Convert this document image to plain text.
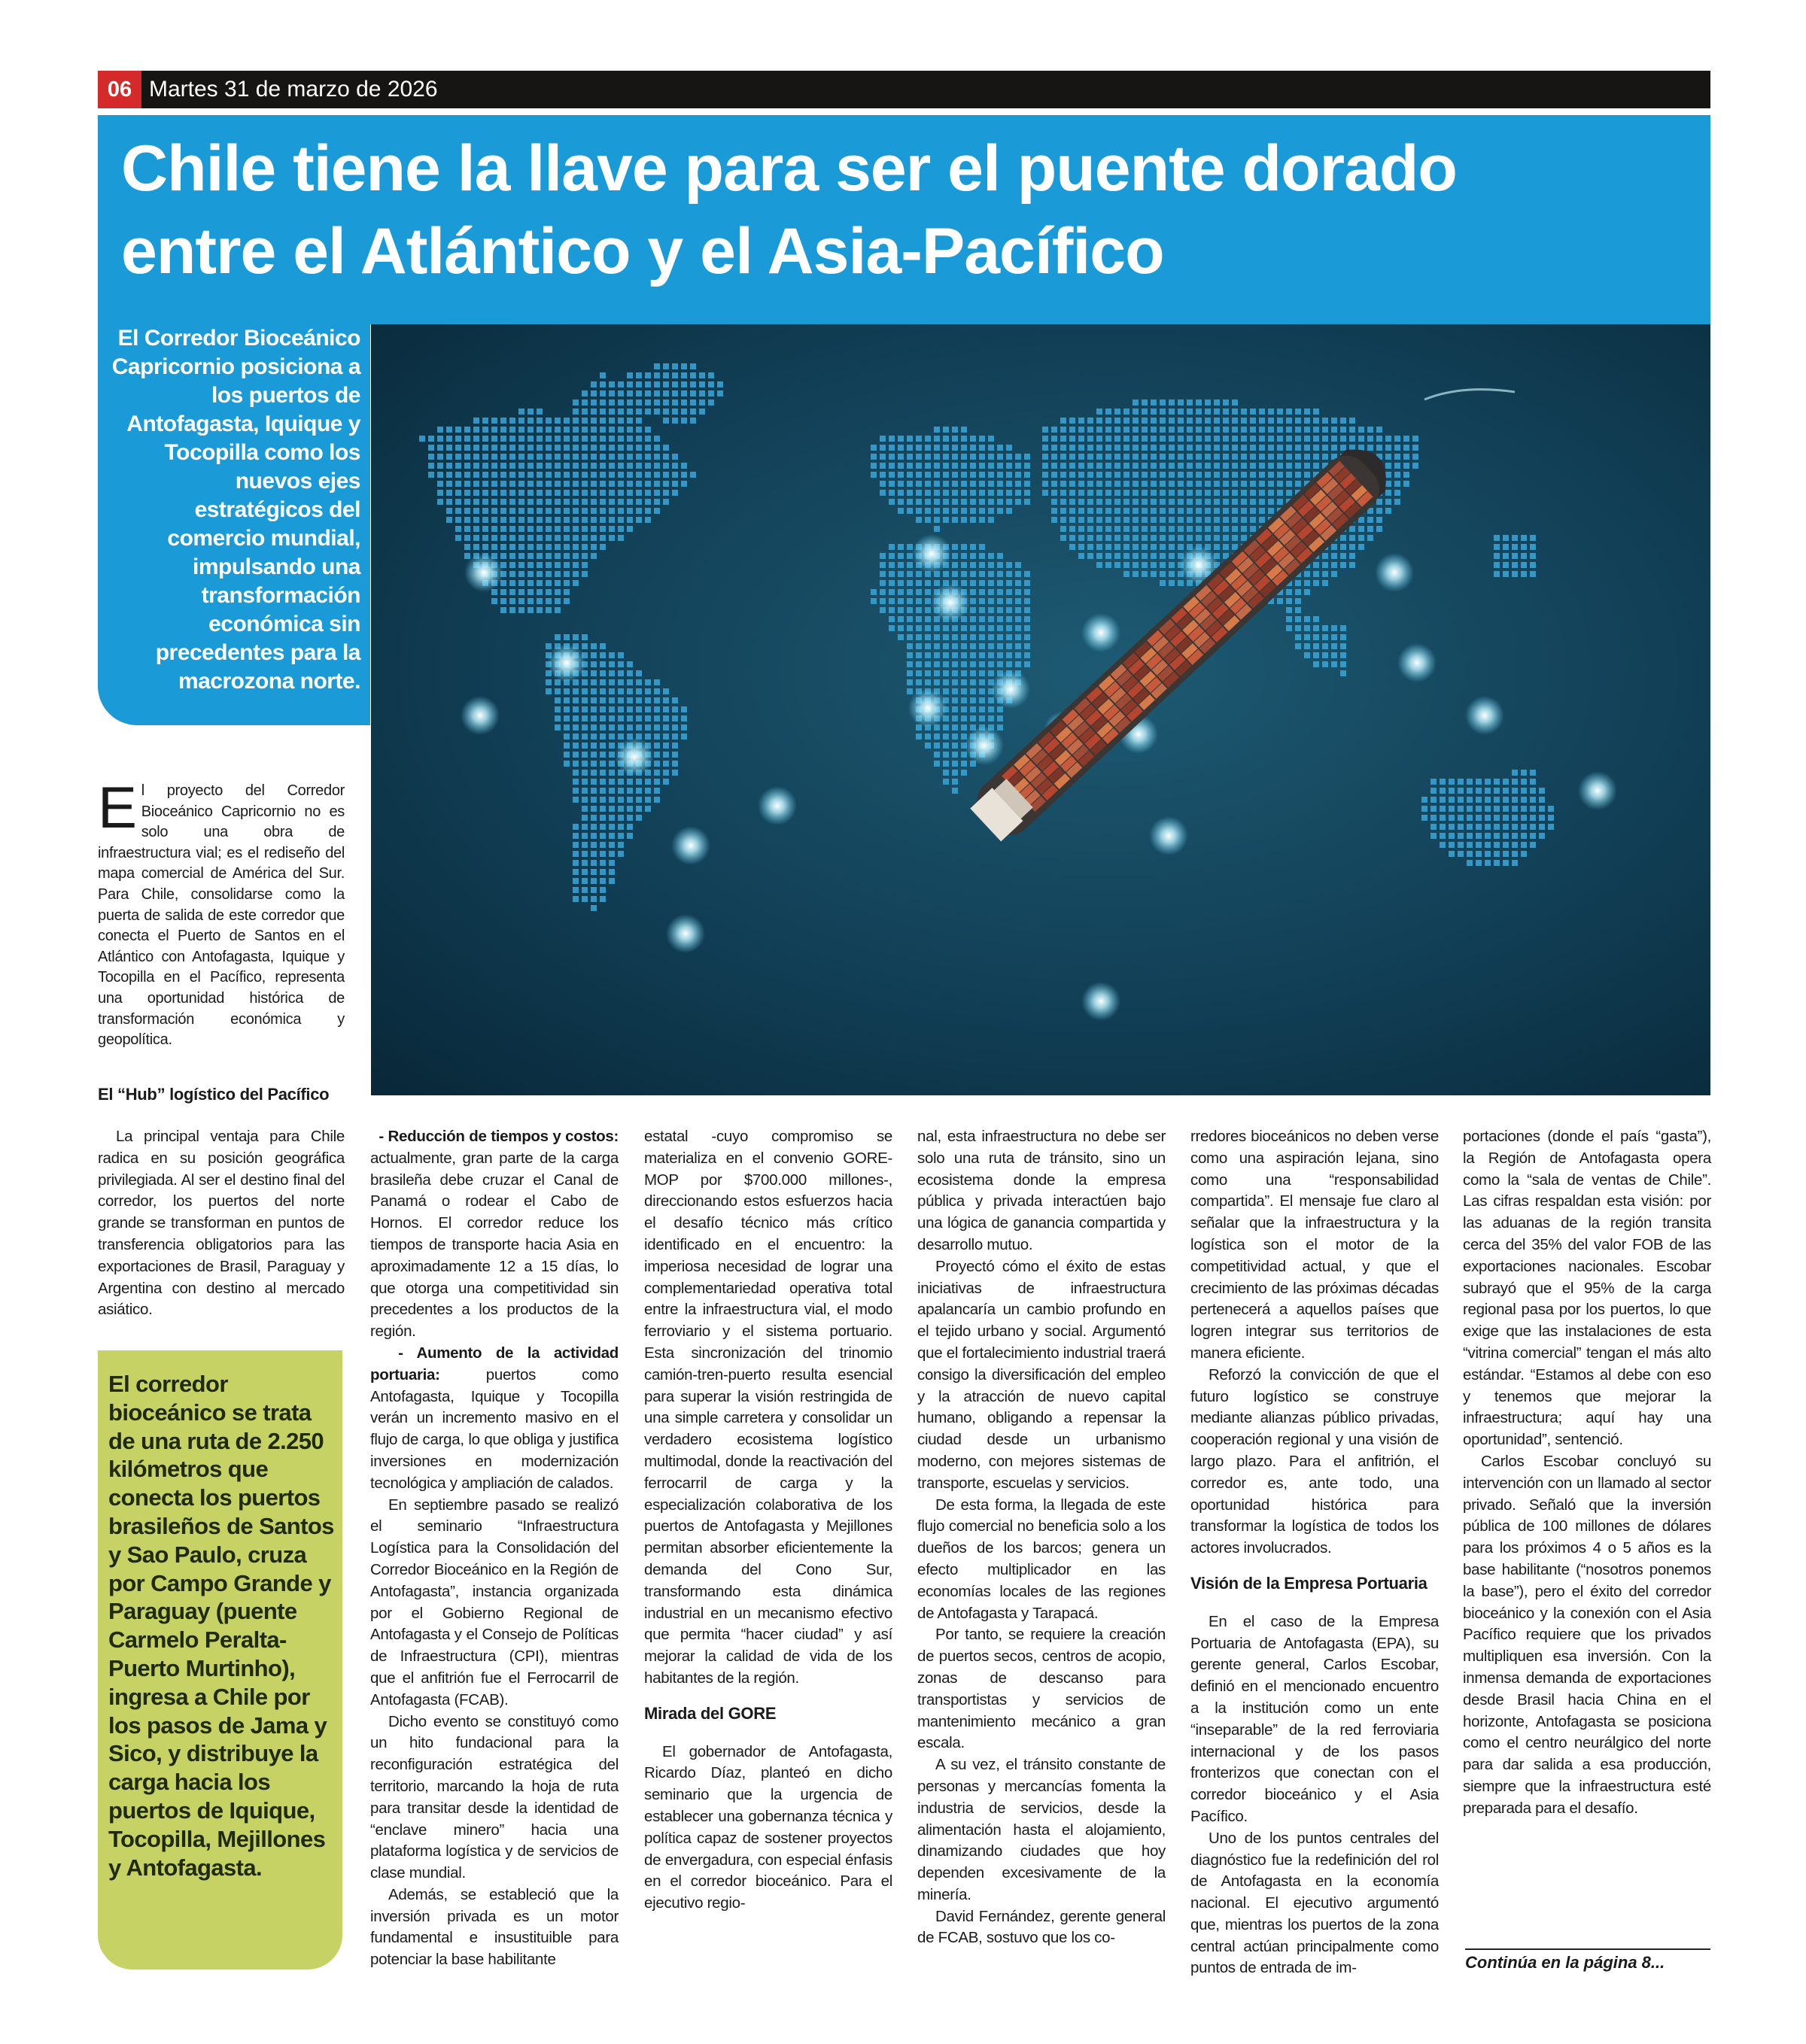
06 Martes 31 de marzo de 2026
Chile tiene la llave para ser el puente dorado
entre el Atlántico y el Asia-Pacífico
El Corredor Bioceánico Capricornio posiciona a los puertos de Antofagasta, Iquique y Tocopilla como los nuevos ejes estratégicos del comercio mundial, impulsando una transformación económica sin precedentes para la macrozona norte.
El proyecto del Corredor Bioceánico Capricornio no es solo una obra de infraestructura vial; es el rediseño del mapa comercial de América del Sur. Para Chile, consolidarse como la puerta de salida de este corredor que conecta el Puerto de Santos en el Atlántico con Antofagasta, Iquique y Tocopilla en el Pacífico, representa una oportunidad histórica de transformación económica y geopolítica.
El “Hub” logístico del Pacífico

La principal ventaja para Chile radica en su posición geográfica privilegiada. Al ser el destino final del corredor, los puertos del norte grande se transforman en puntos de transferencia obligatorios para las exportaciones de Brasil, Paraguay y Argentina con destino al mercado asiático.

El corredor bioceánico se trata de una ruta de 2.250 kilómetros que conecta los puertos brasileños de Santos y Sao Paulo, cruza por Campo Grande y Paraguay (puente Carmelo Peralta-Puerto Murtinho), ingresa a Chile por los pasos de Jama y Sico, y distribuye la carga hacia los puertos de Iquique, Tocopilla, Mejillones y Antofagasta.

- Reducción de tiempos y costos: actualmente, gran parte de la carga brasileña debe cruzar el Canal de Panamá o rodear el Cabo de Hornos. El corredor reduce los tiempos de transporte hacia Asia en aproximadamente 12 a 15 días, lo que otorga una competitividad sin precedentes a los productos de la región.

- Aumento de la actividad portuaria: puertos como Antofagasta, Iquique y Tocopilla verán un incremento masivo en el flujo de carga, lo que obliga y justifica inversiones en modernización tecnológica y ampliación de calados.

En septiembre pasado se realizó el seminario “Infraestructura Logística para la Consolidación del Corredor Bioceánico en la Región de Antofagasta”, instancia organizada por el Gobierno Regional de Antofagasta y el Consejo de Políticas de Infraestructura (CPI), mientras que el anfitrión fue el Ferrocarril de Antofagasta (FCAB).

Dicho evento se constituyó como un hito fundacional para la reconfiguración estratégica del territorio, marcando la hoja de ruta para transitar desde la identidad de “enclave minero” hacia una plataforma logística y de servicios de clase mundial.

Además, se estableció que la inversión privada es un motor fundamental e insustituible para potenciar la base habilitante

estatal -cuyo compromiso se materializa en el convenio GORE-MOP por $700.000 millones-, direccionando estos esfuerzos hacia el desafío técnico más crítico identificado en el encuentro: la imperiosa necesidad de lograr una complementariedad operativa total entre la infraestructura vial, el modo ferroviario y el sistema portuario. Esta sincronización del trinomio camión-tren-puerto resulta esencial para superar la visión restringida de una simple carretera y consolidar un verdadero ecosistema logístico multimodal, donde la reactivación del ferrocarril de carga y la especialización colaborativa de los puertos de Antofagasta y Mejillones permitan absorber eficientemente la demanda del Cono Sur, transformando esta dinámica industrial en un mecanismo efectivo que permita “hacer ciudad” y así mejorar la calidad de vida de los habitantes de la región.

Mirada del GORE

El gobernador de Antofagasta, Ricardo Díaz, planteó en dicho seminario que la urgencia de establecer una gobernanza técnica y política capaz de sostener proyectos de envergadura, con especial énfasis en el corredor bioceánico. Para el ejecutivo regio-

nal, esta infraestructura no debe ser solo una ruta de tránsito, sino un ecosistema donde la empresa pública y privada interactúen bajo una lógica de ganancia compartida y desarrollo mutuo.

Proyectó cómo el éxito de estas iniciativas de infraestructura apalancaría un cambio profundo en el tejido urbano y social. Argumentó que el fortalecimiento industrial traerá consigo la diversificación del empleo y la atracción de nuevo capital humano, obligando a repensar la ciudad desde un urbanismo moderno, con mejores sistemas de transporte, escuelas y servicios.

De esta forma, la llegada de este flujo comercial no beneficia solo a los dueños de los barcos; genera un efecto multiplicador en las economías locales de las regiones de Antofagasta y Tarapacá.

Por tanto, se requiere la creación de puertos secos, centros de acopio, zonas de descanso para transportistas y servicios de mantenimiento mecánico a gran escala.

A su vez, el tránsito constante de personas y mercancías fomenta la industria de servicios, desde la alimentación hasta el alojamiento, dinamizando ciudades que hoy dependen excesivamente de la minería.

David Fernández, gerente general de FCAB, sostuvo que los co-

rredores bioceánicos no deben verse como una aspiración lejana, sino como una “responsabilidad compartida”. El mensaje fue claro al señalar que la infraestructura y la logística son el motor de la competitividad actual, y que el crecimiento de las próximas décadas pertenecerá a aquellos países que logren integrar sus territorios de manera eficiente.

Reforzó la convicción de que el futuro logístico se construye mediante alianzas público privadas, cooperación regional y una visión de largo plazo. Para el anfitrión, el corredor es, ante todo, una oportunidad histórica para transformar la logística de todos los actores involucrados.

Visión de la Empresa Portuaria

En el caso de la Empresa Portuaria de Antofagasta (EPA), su gerente general, Carlos Escobar, definió en el mencionado encuentro a la institución como un ente “inseparable” de la red ferroviaria internacional y de los pasos fronterizos que conectan con el corredor bioceánico y el Asia Pacífico.

Uno de los puntos centrales del diagnóstico fue la redefinición del rol de Antofagasta en la economía nacional. El ejecutivo argumentó que, mientras los puertos de la zona central actúan principalmente como puntos de entrada de im-

portaciones (donde el país “gasta”), la Región de Antofagasta opera como la “sala de ventas de Chile”. Las cifras respaldan esta visión: por las aduanas de la región transita cerca del 35% del valor FOB de las exportaciones nacionales. Escobar subrayó que el 95% de la carga regional pasa por los puertos, lo que exige que las instalaciones de esta “vitrina comercial” tengan el más alto estándar. “Estamos al debe con eso y tenemos que mejorar la infraestructura; aquí hay una oportunidad”, sentenció.

Carlos Escobar concluyó su intervención con un llamado al sector privado. Señaló que la inversión pública de 100 millones de dólares para los próximos 4 o 5 años es la base habilitante (“nosotros ponemos la base”), pero el éxito del corredor bioceánico y la conexión con el Asia Pacífico requiere que los privados multipliquen esa inversión. Con la inmensa demanda de exportaciones desde Brasil hacia China en el horizonte, Antofagasta se posiciona como el centro neurálgico del norte para dar salida a esa producción, siempre que la infraestructura esté preparada para el desafío.

Continúa en la página 8...
